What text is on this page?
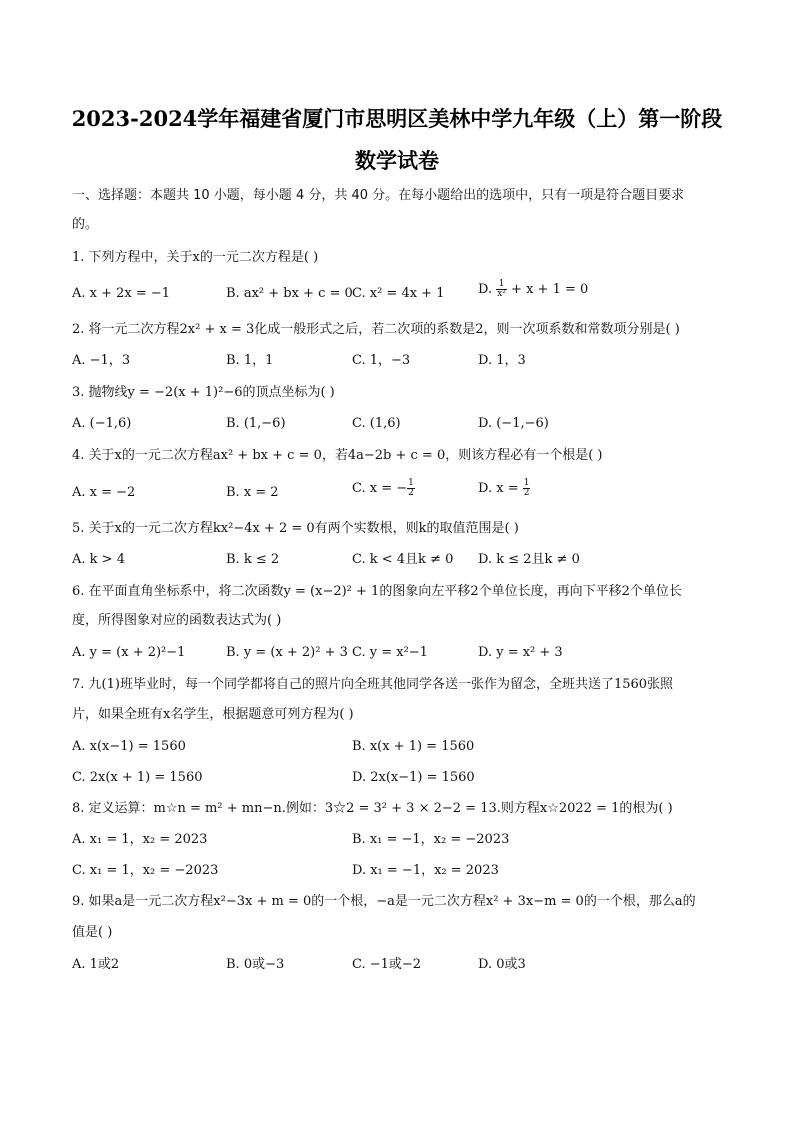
2023-2024学年福建省厦门市思明区美林中学九年级（上）第一阶段
数学试卷
一、选择题：本题共 10 小题，每小题 4 分，共 40 分。在每小题给出的选项中，只有一项是符合题目要求
的。
1. 下列方程中，关于x的一元二次方程是( )
A. x + 2x = −1	B. ax² + bx + c = 0 C. x² = 4x + 1	D. $\frac{1}{\text{x²}} + x + 1 = 0$
2. 将一元二次方程2x² + x = 3化成一般形式之后，若二次项的系数是2，则一次项系数和常数项分别是( )
A. −1，3	B. 1，1	C. 1，−3	D. 1，3
3. 抛物线y = −2(x + 1)²−6的顶点坐标为( )
A. (−1,6)	B. (1,−6)	C. (1,6)	D. (−1,−6)
4. 关于x的一元二次方程ax² + bx + c = 0，若4a−2b + c = 0，则该方程必有一个根是( )
A. x = −2	B. x = 2	C. x = − $\frac{1}{2}$	D. $x = \frac{1}{2}$
5. 关于x的一元二次方程kx²−4x + 2 = 0有两个实数根，则k的取值范围是( )
A. k > 4	B. k ≤ 2	C. k < 4且k ≠ 0 D. k ≤ 2且k ≠ 0
6. 在平面直角坐标系中，将二次函数y = (x−2)² + 1的图象向左平移2个单位长度，再向下平移2个单位长
度，所得图象对应的函数表达式为( )
A. y = (x + 2)²−1	B. y = (x + 2)² + 3 C. y = x²−1	D. y = x² + 3
7. 九(1)班毕业时，每一个同学都将自己的照片向全班其他同学各送一张作为留念，全班共送了1560张照
片，如果全班有x名学生，根据题意可列方程为( )
A. x(x−1) = 1560	B. x(x + 1) = 1560
C. 2x(x + 1) = 1560	D. 2x(x−1) = 1560
8. 定义运算：m☆n = m² + mn−n.例如：3☆2 = 3² + 3 × 2−2 = 13.则方程x☆2022 = 1的根为( )
A. x₁ = 1，x₂ = 2023	B. x₁ = −1，x₂ = −2023
C. x₁ = 1，x₂ = −2023	D. x₁ = −1，x₂ = 2023
9. 如果a是一元二次方程x²−3x + m = 0的一个根，−a是一元二次方程x² + 3x−m = 0的一个根，那么a的
值是( )
A. 1或2	B. 0或−3	C. −1或−2	D. 0或3
